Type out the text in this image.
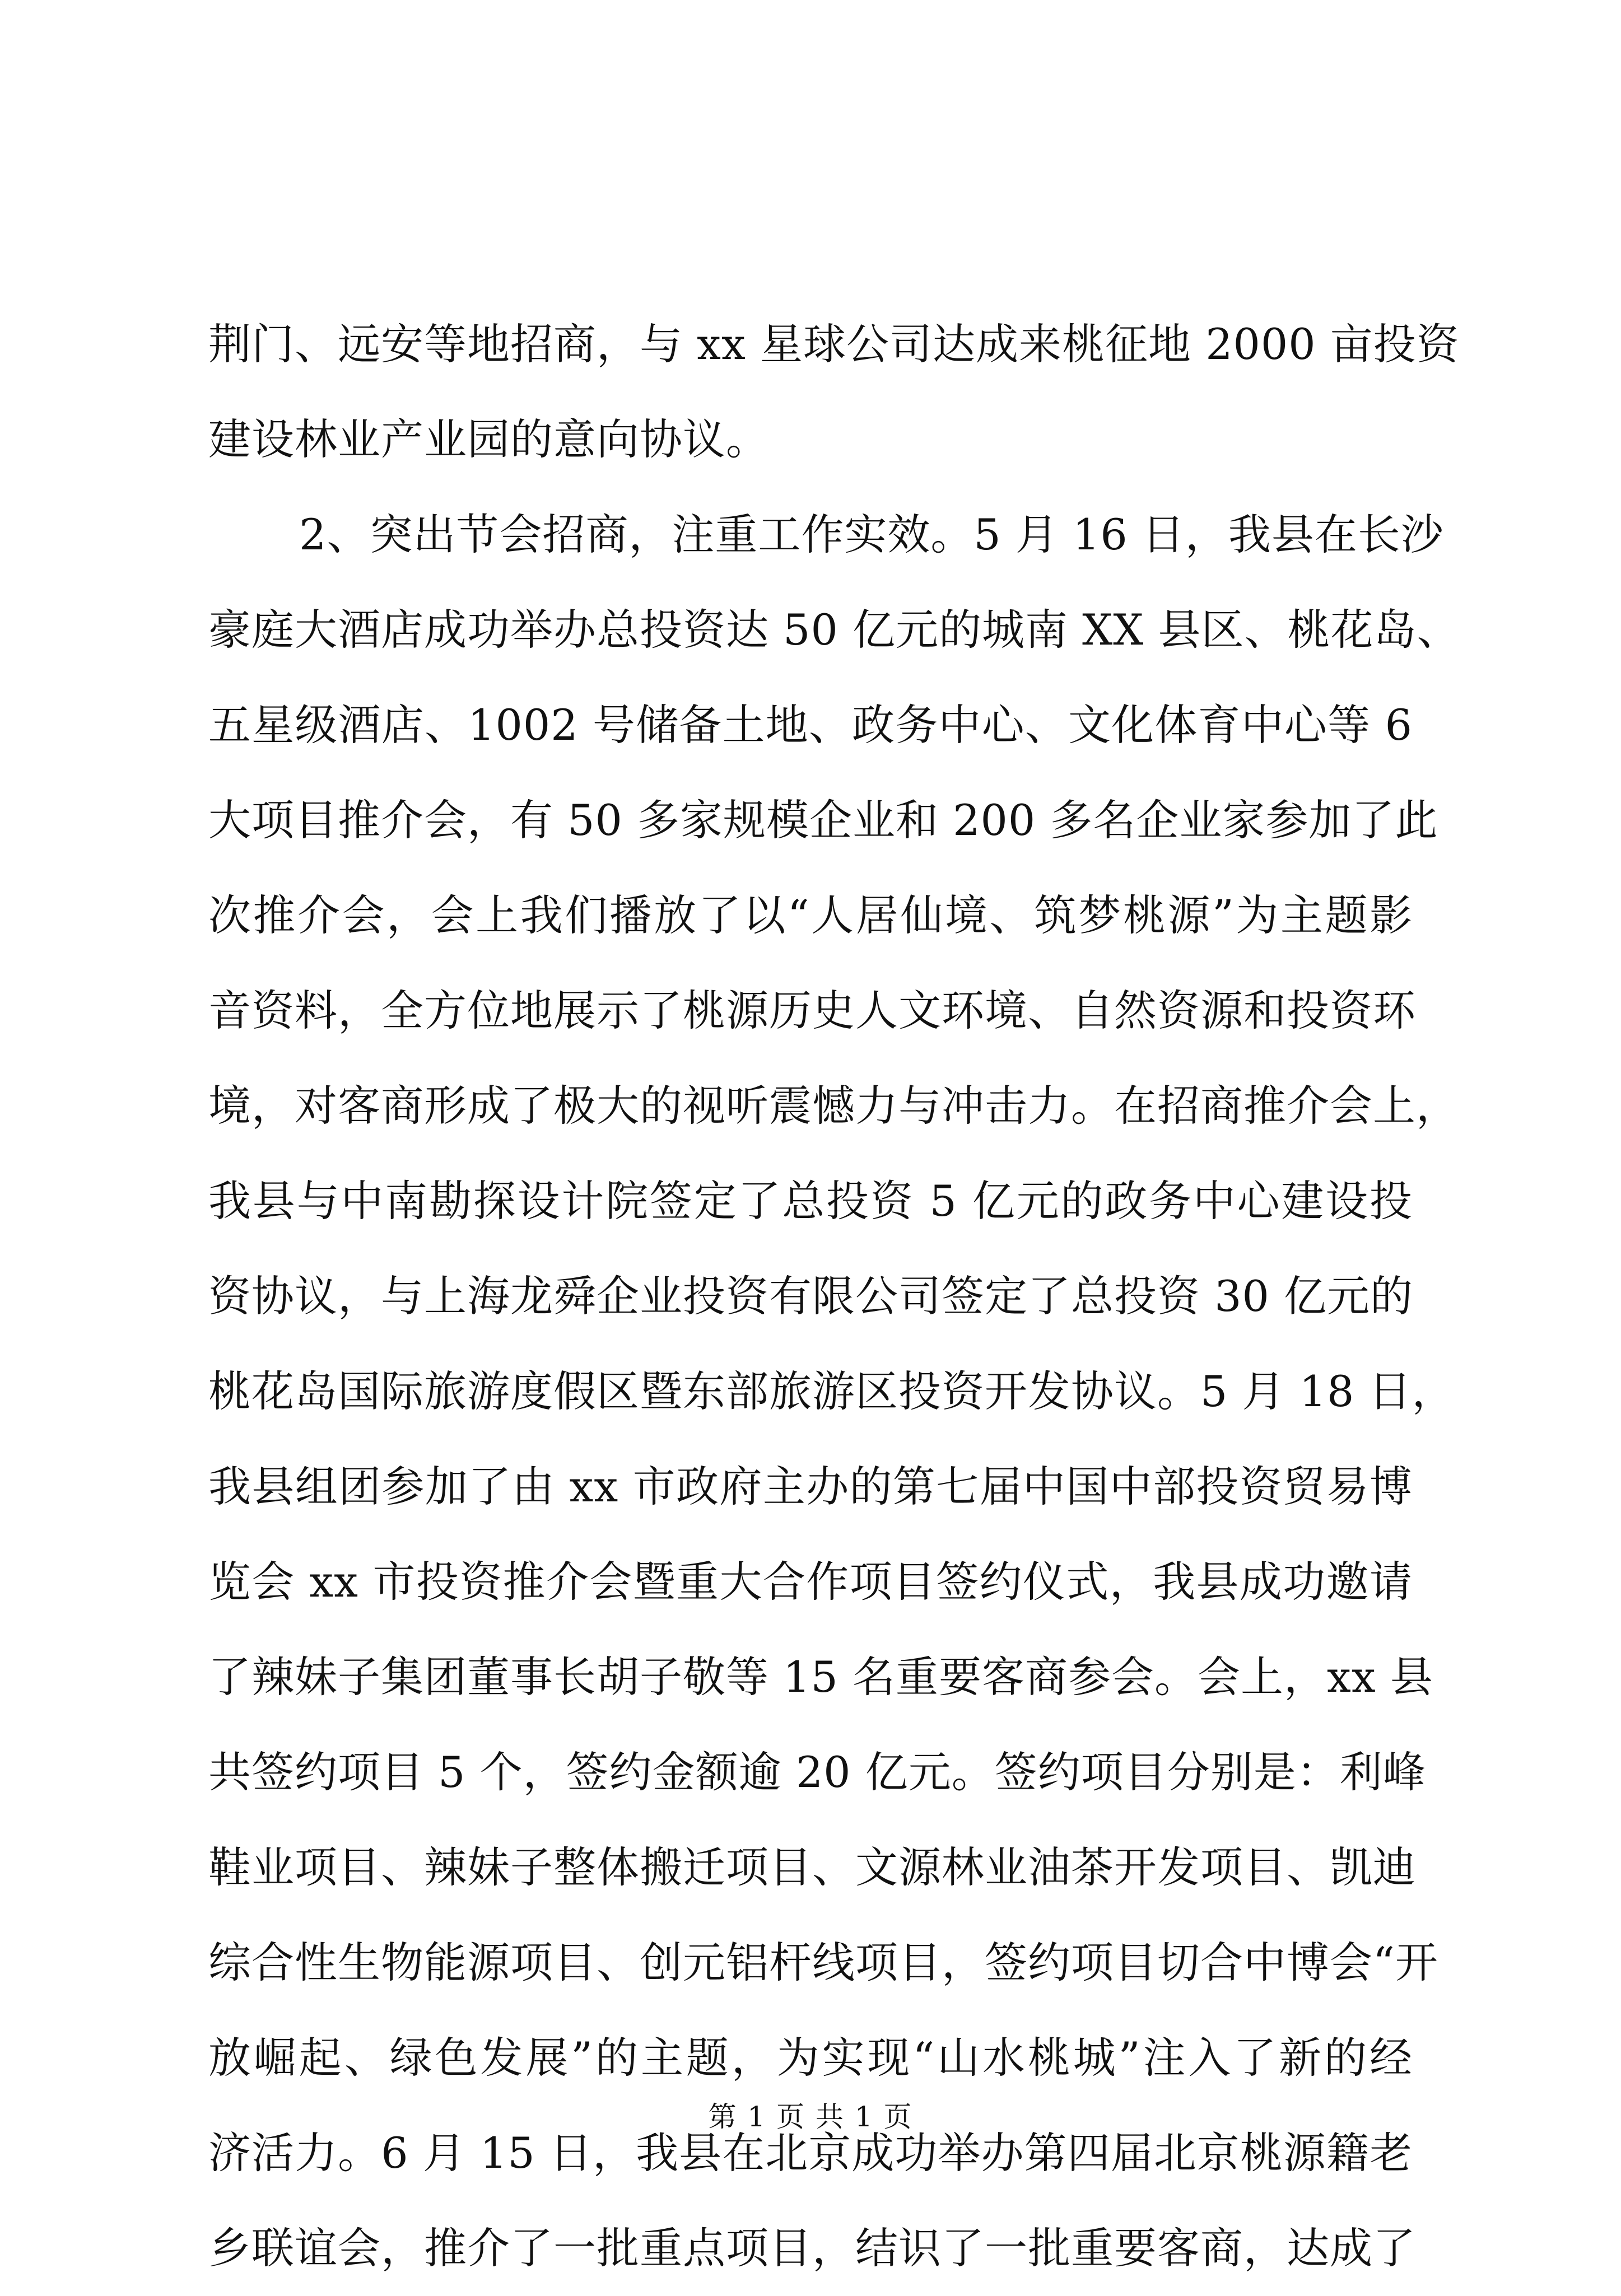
荆门、远安等地招商，与 xx 星球公司达成来桃征地 2000 亩投资
建设林业产业园的意向协议。
2、突出节会招商，注重工作实效。5 月 16 日，我县在长沙
豪庭大酒店成功举办总投资达 50 亿元的城南 XX 县区、桃花岛、
五星级酒店、1002 号储备土地、政务中心、文化体育中心等 6
大项目推介会，有 50 多家规模企业和 200 多名企业家参加了此
次推介会，会上我们播放了以“人居仙境、筑梦桃源”为主题影
音资料，全方位地展示了桃源历史人文环境、自然资源和投资环
境，对客商形成了极大的视听震憾力与冲击力。在招商推介会上，
我县与中南勘探设计院签定了总投资 5 亿元的政务中心建设投
资协议，与上海龙舜企业投资有限公司签定了总投资 30 亿元的
桃花岛国际旅游度假区暨东部旅游区投资开发协议。5 月 18 日，
我县组团参加了由 xx 市政府主办的第七届中国中部投资贸易博
览会 xx 市投资推介会暨重大合作项目签约仪式，我县成功邀请
了辣妹子集团董事长胡子敬等 15 名重要客商参会。会上，xx 县
共签约项目 5 个，签约金额逾 20 亿元。签约项目分别是：利峰
鞋业项目、辣妹子整体搬迁项目、文源林业油茶开发项目、凯迪
综合性生物能源项目、创元铝杆线项目，签约项目切合中博会“开
放崛起、绿色发展”的主题，为实现“山水桃城”注入了新的经
济活力。6 月 15 日，我县在北京成功举办第四届北京桃源籍老
乡联谊会，推介了一批重点项目，结识了一批重要客商，达成了
第 1 页 共 1 页
